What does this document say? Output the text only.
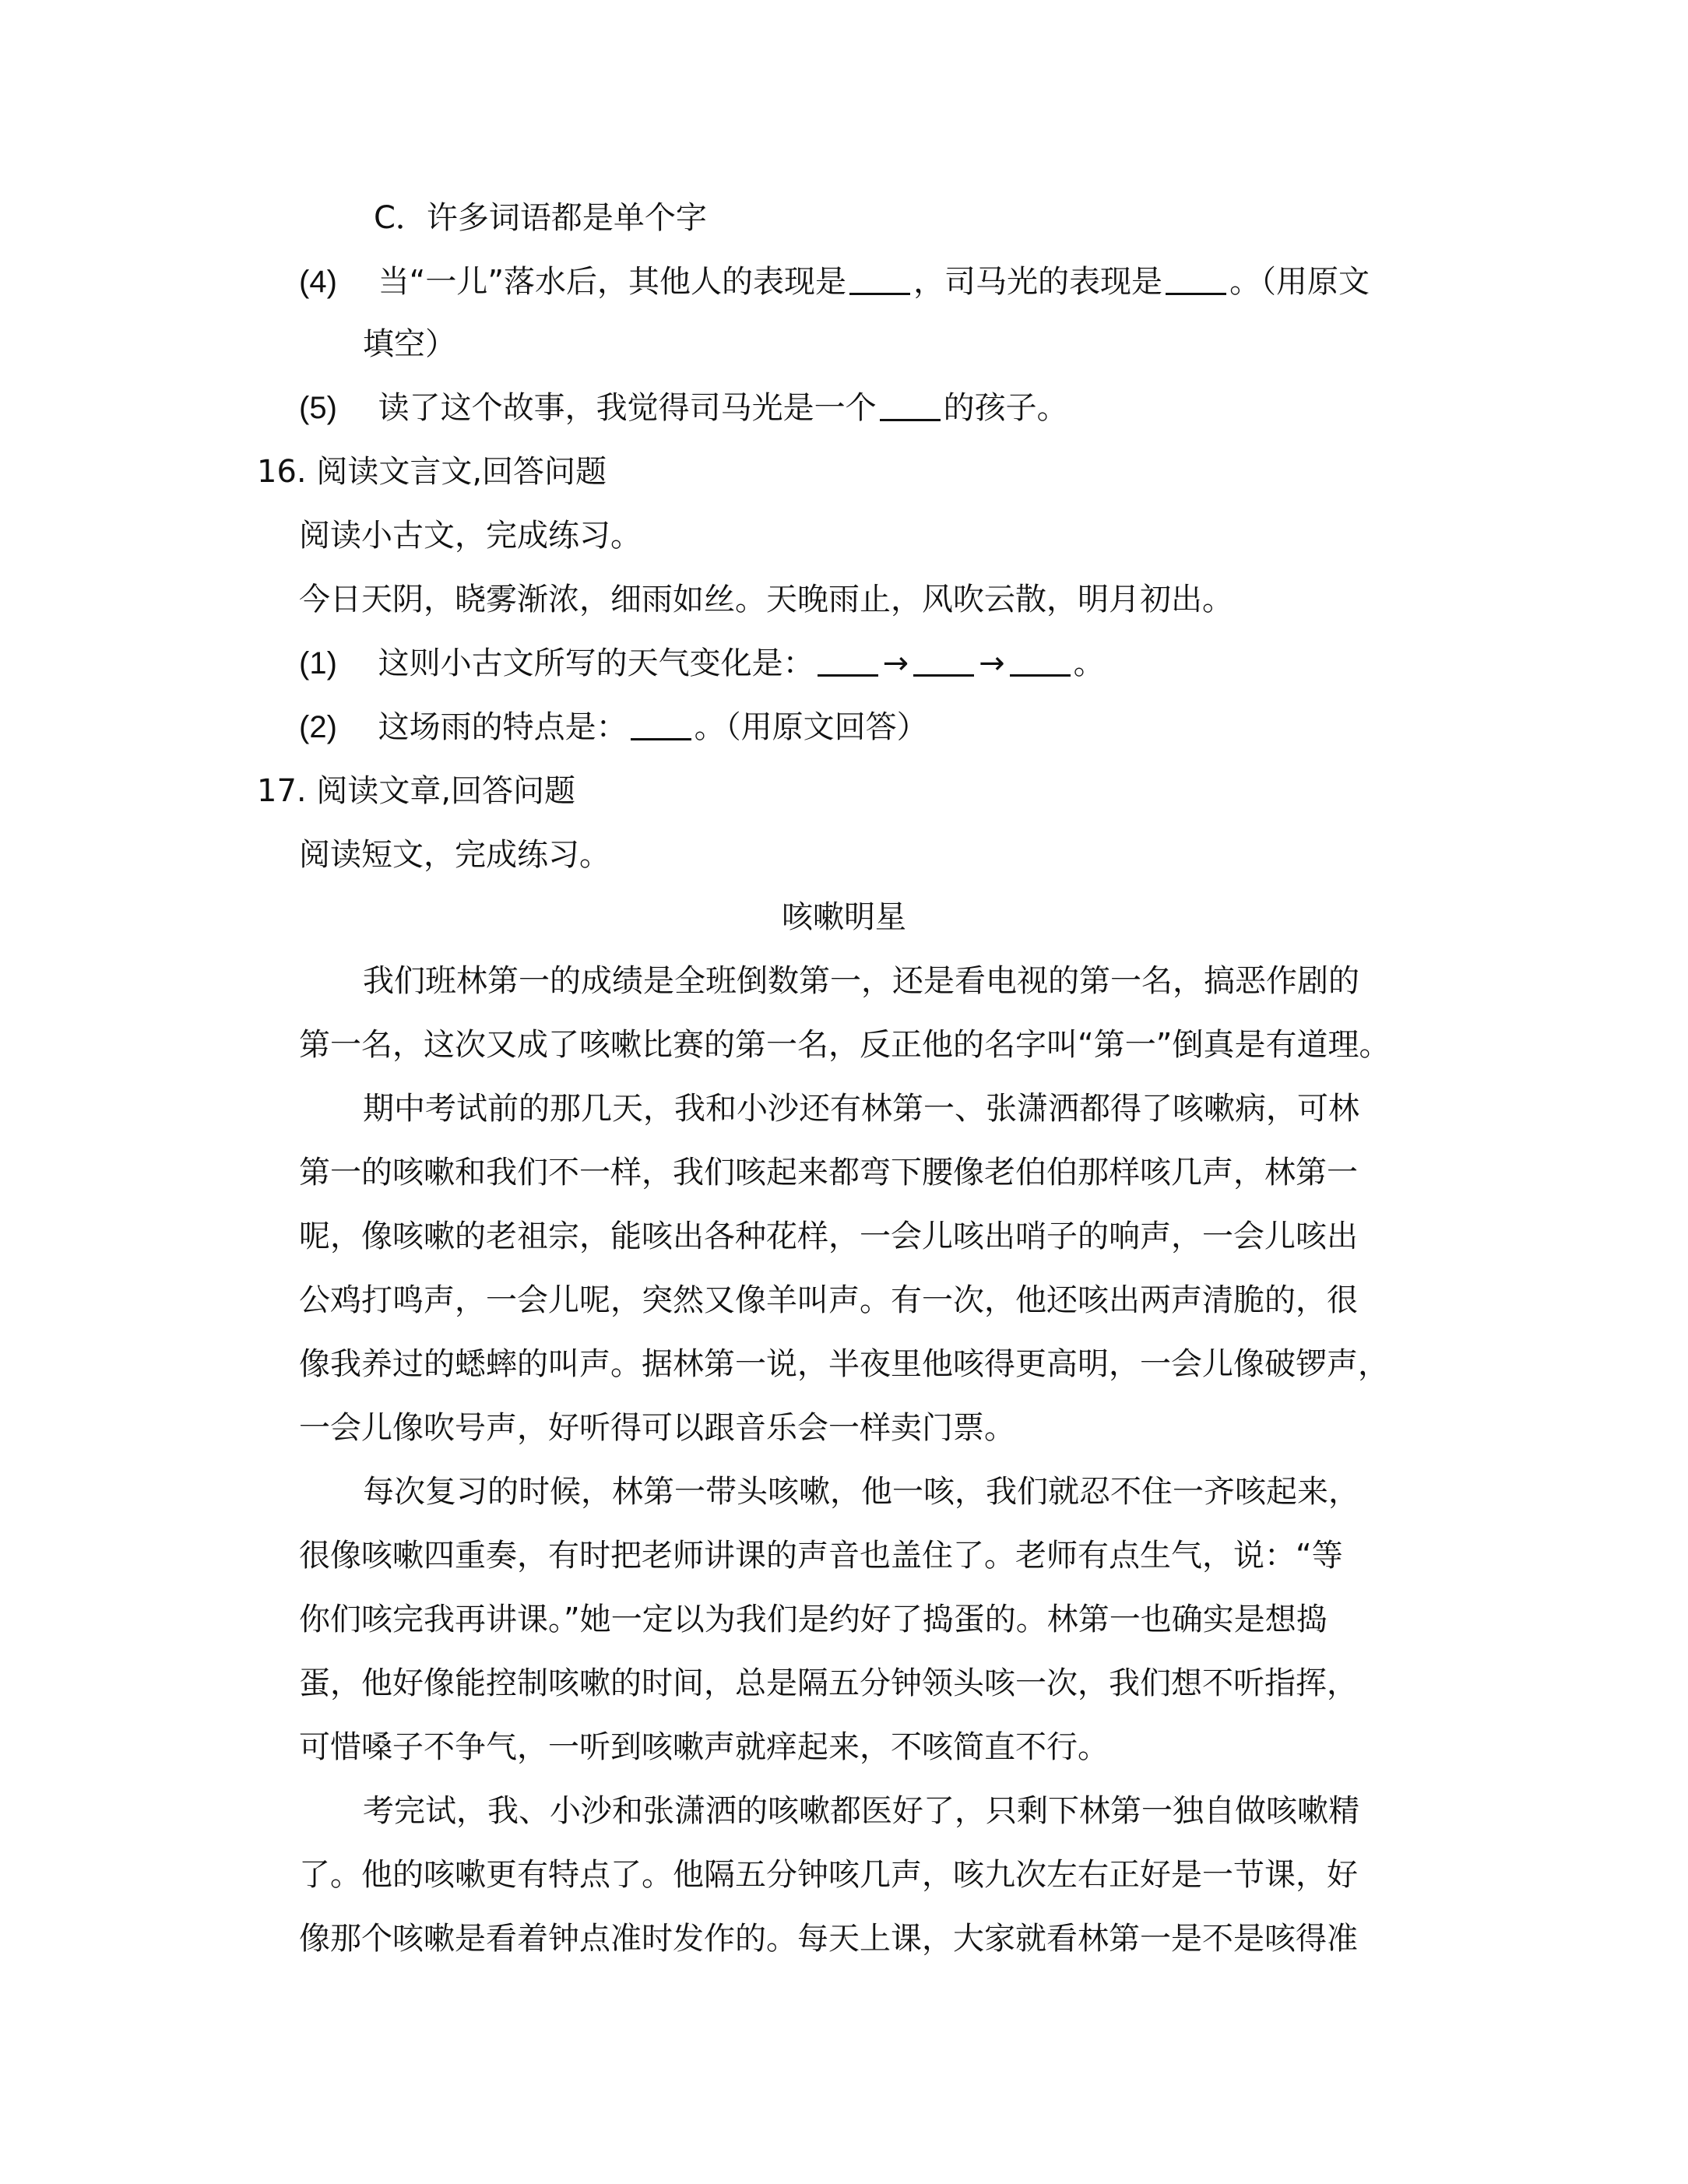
C．许多词语都是单个字
(4) 当“一儿”落水后，其他人的表现是 ，司马光的表现是 。（用原文
填空）
(5) 读了这个故事，我觉得司马光是一个 的孩子。
16. 阅读文言文,回答问题
阅读小古文，完成练习。
今日天阴，晓雾渐浓，细雨如丝。天晚雨止，风吹云散，明月初出。
(1) 这则小古文所写的天气变化是： → → 。
(2) 这场雨的特点是： 。（用原文回答）
17. 阅读文章,回答问题
阅读短文，完成练习。
咳嗽明星
我们班林第一的成绩是全班倒数第一，还是看电视的第一名，搞恶作剧的
第一名，这次又成了咳嗽比赛的第一名，反正他的名字叫“第一”倒真是有道理。
期中考试前的那几天，我和小沙还有林第一、张潇洒都得了咳嗽病，可林
第一的咳嗽和我们不一样，我们咳起来都弯下腰像老伯伯那样咳几声，林第一
呢，像咳嗽的老祖宗，能咳出各种花样，一会儿咳出哨子的响声，一会儿咳出
公鸡打鸣声，一会儿呢，突然又像羊叫声。有一次，他还咳出两声清脆的，很
像我养过的蟋蟀的叫声。据林第一说，半夜里他咳得更高明，一会儿像破锣声，
一会儿像吹号声，好听得可以跟音乐会一样卖门票。
每次复习的时候，林第一带头咳嗽，他一咳，我们就忍不住一齐咳起来，
很像咳嗽四重奏，有时把老师讲课的声音也盖住了。老师有点生气，说：“等
你们咳完我再讲课。”她一定以为我们是约好了捣蛋的。林第一也确实是想捣
蛋，他好像能控制咳嗽的时间，总是隔五分钟领头咳一次，我们想不听指挥，
可惜嗓子不争气，一听到咳嗽声就痒起来，不咳简直不行。
考完试，我、小沙和张潇洒的咳嗽都医好了，只剩下林第一独自做咳嗽精
了。他的咳嗽更有特点了。他隔五分钟咳几声，咳九次左右正好是一节课，好
像那个咳嗽是看着钟点准时发作的。每天上课，大家就看林第一是不是咳得准
